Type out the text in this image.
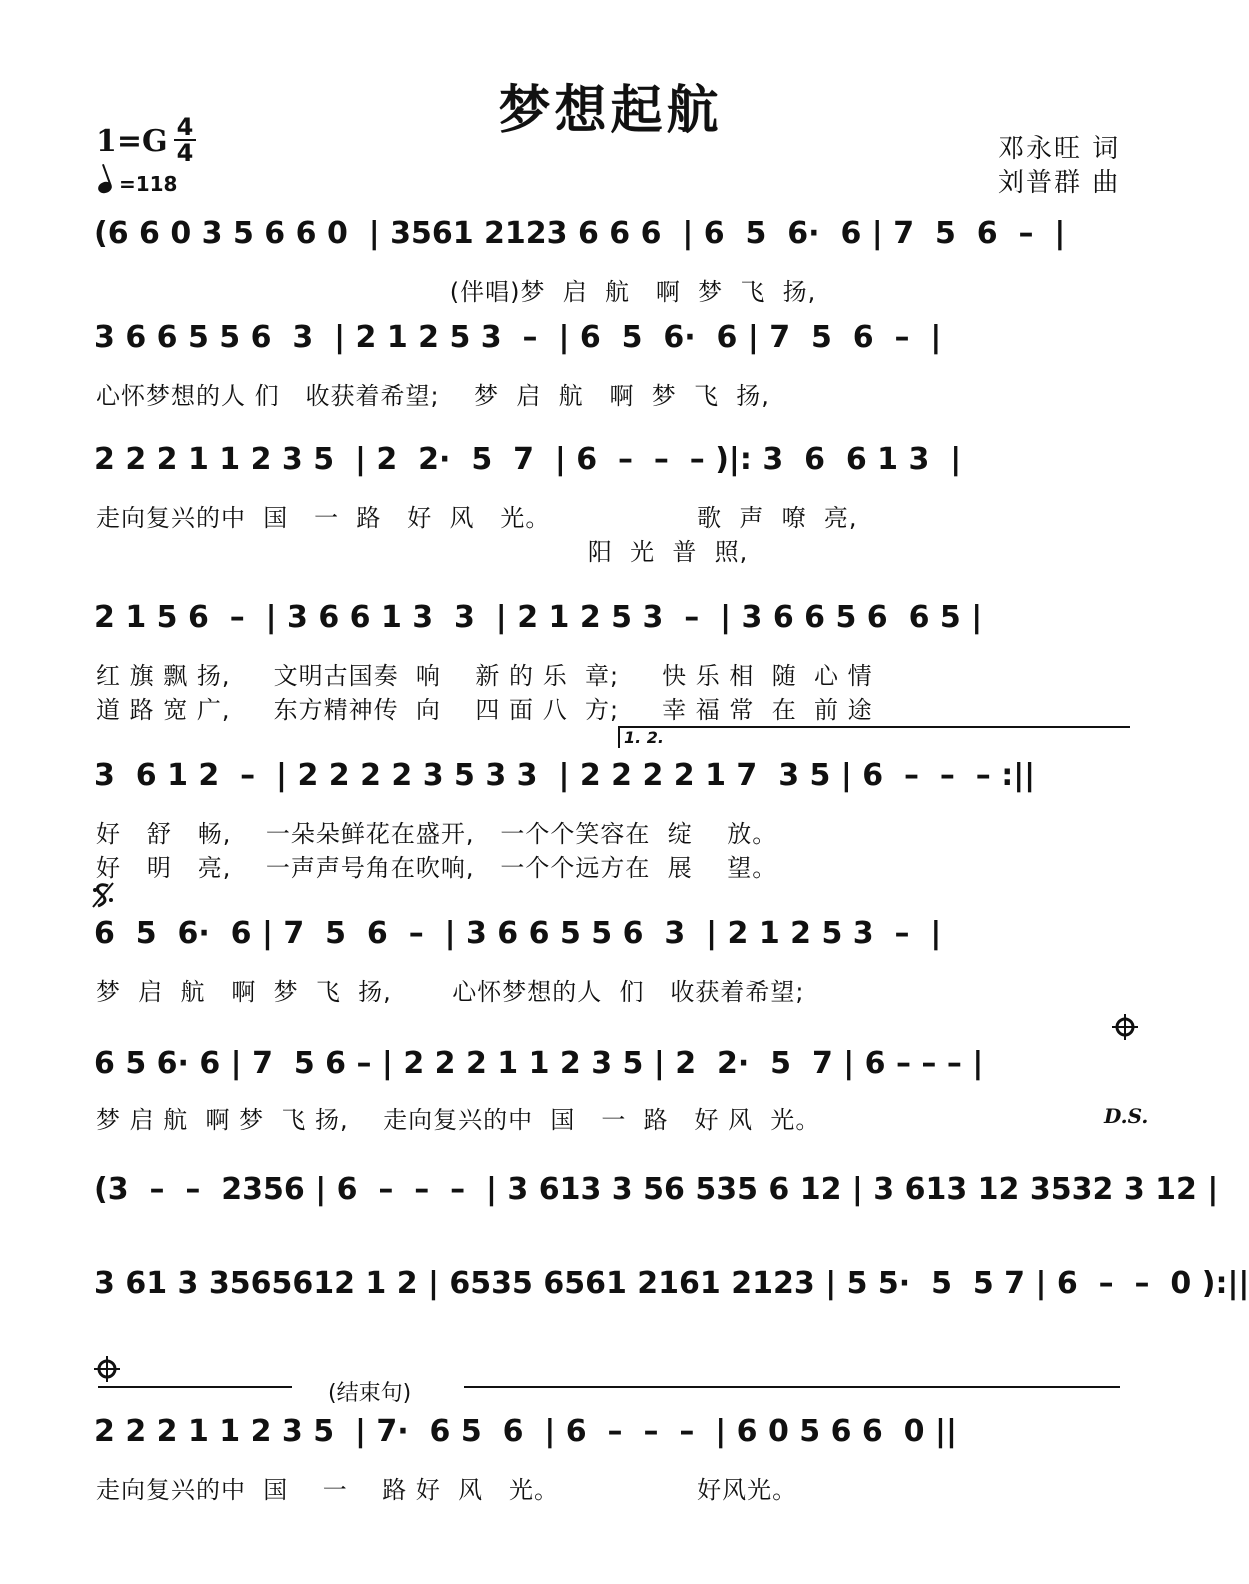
梦想起航
邓永旺 词
刘普群 曲
1=G 4
4
=118
(6 6 0 3 5 6 6 0  | 3561 2123 6 6 6  | 6  5  6·  6 | 7  5  6  –  |
(伴唱)梦  启  航   啊  梦  飞  扬,
3 6 6 5 5 6  3  | 2 1 2 5 3  –  | 6  5  6·  6 | 7  5  6  –  |
心怀梦想的人 们   收获着希望;    梦  启  航   啊  梦  飞  扬,
2 2 2 1 1 2 3 5  | 2  2·  5  7  | 6  –  –  – )|: 3  6  6 1 3  |
走向复兴的中  国   一  路   好  风   光。                 歌  声  嘹  亮,
阳  光  普  照,
2 1 5 6  –  | 3 6 6 1 3  3  | 2 1 2 5 3  –  | 3 6 6 5 6  6 5 |
红 旗 飘 扬,     文明古国奏  响    新 的 乐  章;     快 乐 相  随  心 情
道 路 宽 广,     东方精神传  向    四 面 八  方;     幸 福 常  在  前 途
1. 2.
3  6 1 2  –  | 2 2 2 2 3 5 3 3  | 2 2 2 2 1 7  3 5 | 6  –  –  – :||
好   舒   畅,    一朵朵鲜花在盛开,   一个个笑容在  绽    放。
好   明   亮,    一声声号角在吹响,   一个个远方在  展    望。
6  5  6·  6 | 7  5  6  –  | 3 6 6 5 5 6  3  | 2 1 2 5 3  –  |
梦  启  航   啊  梦  飞  扬,       心怀梦想的人  们   收获着希望;
6 5 6· 6 | 7  5 6 – | 2 2 2 1 1 2 3 5 | 2  2·  5  7 | 6 – – – |
梦 启 航  啊 梦  飞 扬,    走向复兴的中  国   一  路   好 风  光。	D.S.
(3  –  –  2356 | 6  –  –  –  | 3 613 3 56 535 6 12 | 3 613 12 3532 3 12 |
3 61 3 3565612 1 2 | 6535 6561 2161 2123 | 5 5·  5  5 7 | 6  –  –  0 ):||
(结束句)
2 2 2 1 1 2 3 5  | 7·  6 5  6  | 6  –  –  –  | 6 0 5 6 6  0 ||
走向复兴的中  国    一    路 好  风   光。                好风光。
